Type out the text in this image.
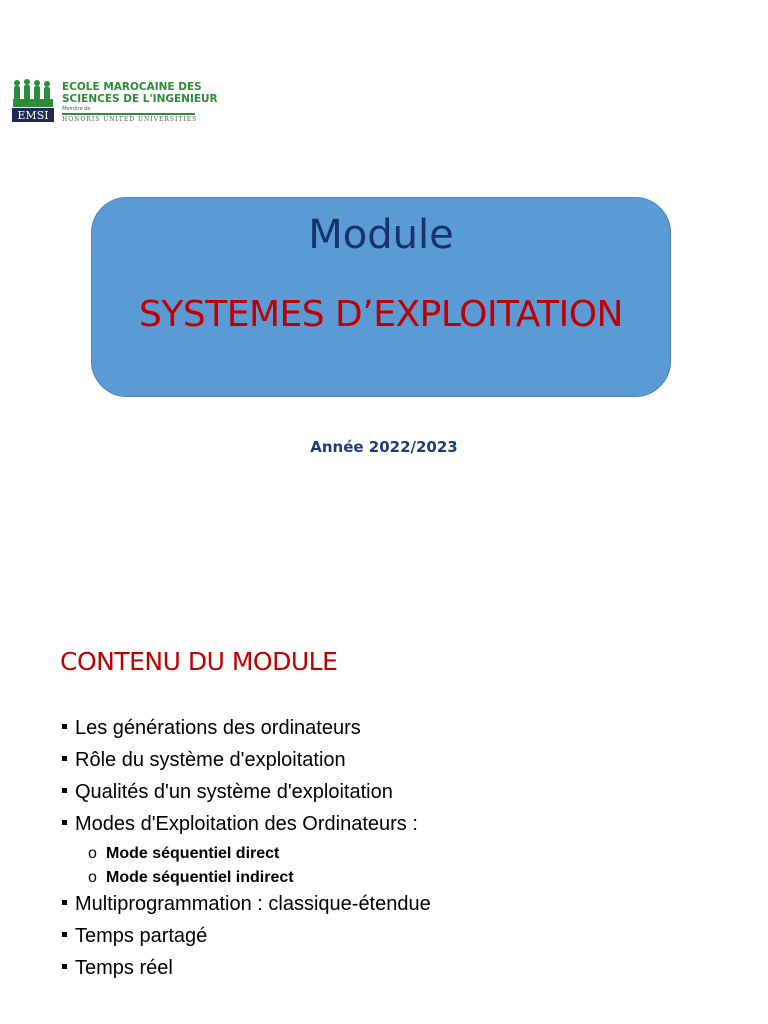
EMSI
ECOLE MAROCAINE DES
SCIENCES DE L'INGENIEUR
Membre de
HONORIS UNITED UNIVERSITIES
Module
SYSTEMES D’EXPLOITATION
Année 2022/2023
CONTENU DU MODULE
Les générations des ordinateurs
Rôle du système d'exploitation
Qualités d'un système d'exploitation
Modes d'Exploitation des Ordinateurs :
o Mode séquentiel direct
o Mode séquentiel indirect
Multiprogrammation : classique-étendue
Temps partagé
Temps réel
